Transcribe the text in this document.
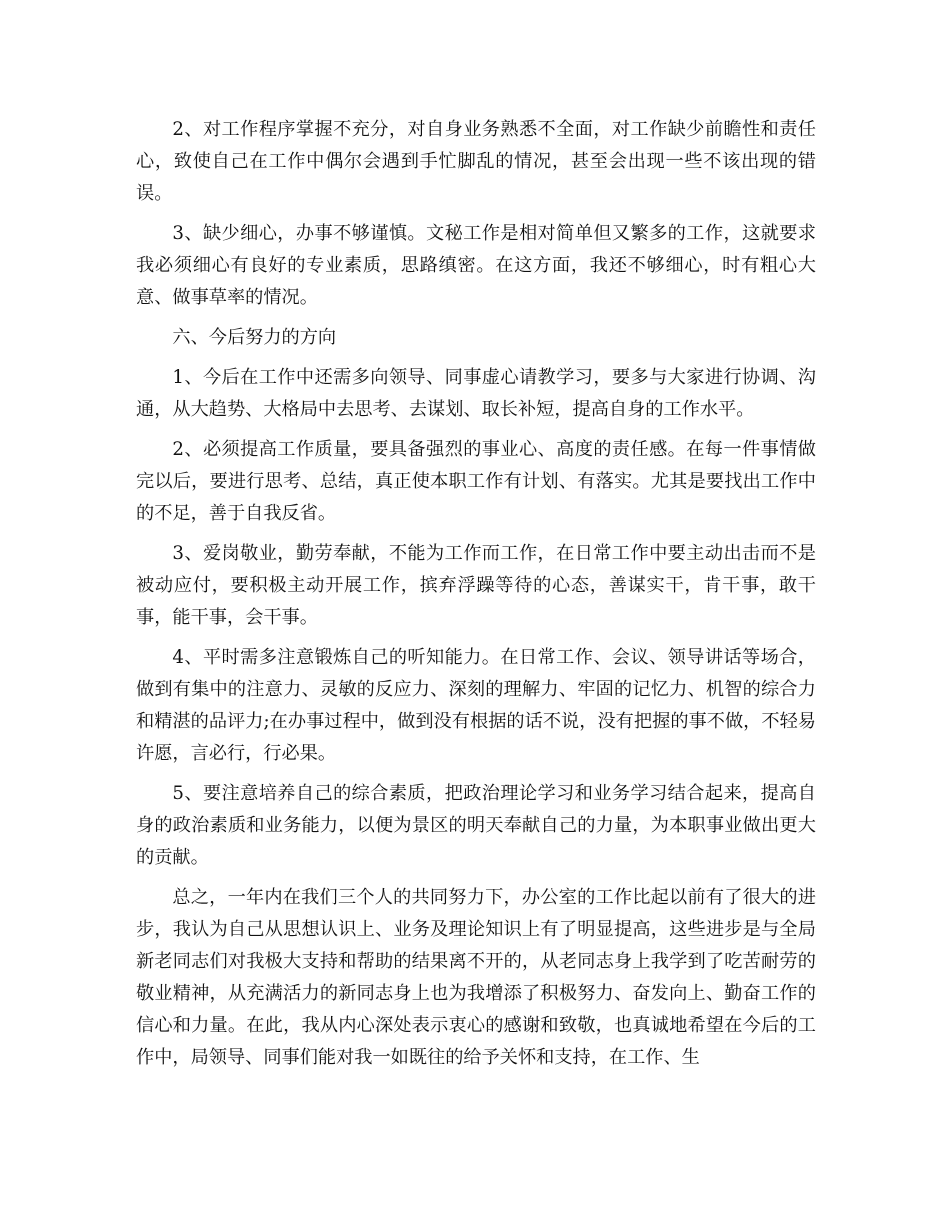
2、对工作程序掌握不充分，对自身业务熟悉不全面，对工作缺少前瞻性和责任心，致使自己在工作中偶尔会遇到手忙脚乱的情况，甚至会出现一些不该出现的错误。

3、缺少细心，办事不够谨慎。文秘工作是相对简单但又繁多的工作，这就要求我必须细心有良好的专业素质，思路缜密。在这方面，我还不够细心，时有粗心大意、做事草率的情况。

六、今后努力的方向

1、今后在工作中还需多向领导、同事虚心请教学习，要多与大家进行协调、沟通，从大趋势、大格局中去思考、去谋划、取长补短，提高自身的工作水平。

2、必须提高工作质量，要具备强烈的事业心、高度的责任感。在每一件事情做完以后，要进行思考、总结，真正使本职工作有计划、有落实。尤其是要找出工作中的不足，善于自我反省。

3、爱岗敬业，勤劳奉献，不能为工作而工作，在日常工作中要主动出击而不是被动应付，要积极主动开展工作，摈弃浮躁等待的心态，善谋实干，肯干事，敢干事，能干事，会干事。

4、平时需多注意锻炼自己的听知能力。在日常工作、会议、领导讲话等场合，做到有集中的注意力、灵敏的反应力、深刻的理解力、牢固的记忆力、机智的综合力和精湛的品评力;在办事过程中，做到没有根据的话不说，没有把握的事不做，不轻易许愿，言必行，行必果。

5、要注意培养自己的综合素质，把政治理论学习和业务学习结合起来，提高自身的政治素质和业务能力，以便为景区的明天奉献自己的力量，为本职事业做出更大的贡献。

总之，一年内在我们三个人的共同努力下，办公室的工作比起以前有了很大的进步，我认为自己从思想认识上、业务及理论知识上有了明显提高，这些进步是与全局新老同志们对我极大支持和帮助的结果离不开的，从老同志身上我学到了吃苦耐劳的敬业精神，从充满活力的新同志身上也为我增添了积极努力、奋发向上、勤奋工作的信心和力量。在此，我从内心深处表示衷心的感谢和致敬，也真诚地希望在今后的工作中，局领导、同事们能对我一如既往的给予关怀和支持，在工作、生
